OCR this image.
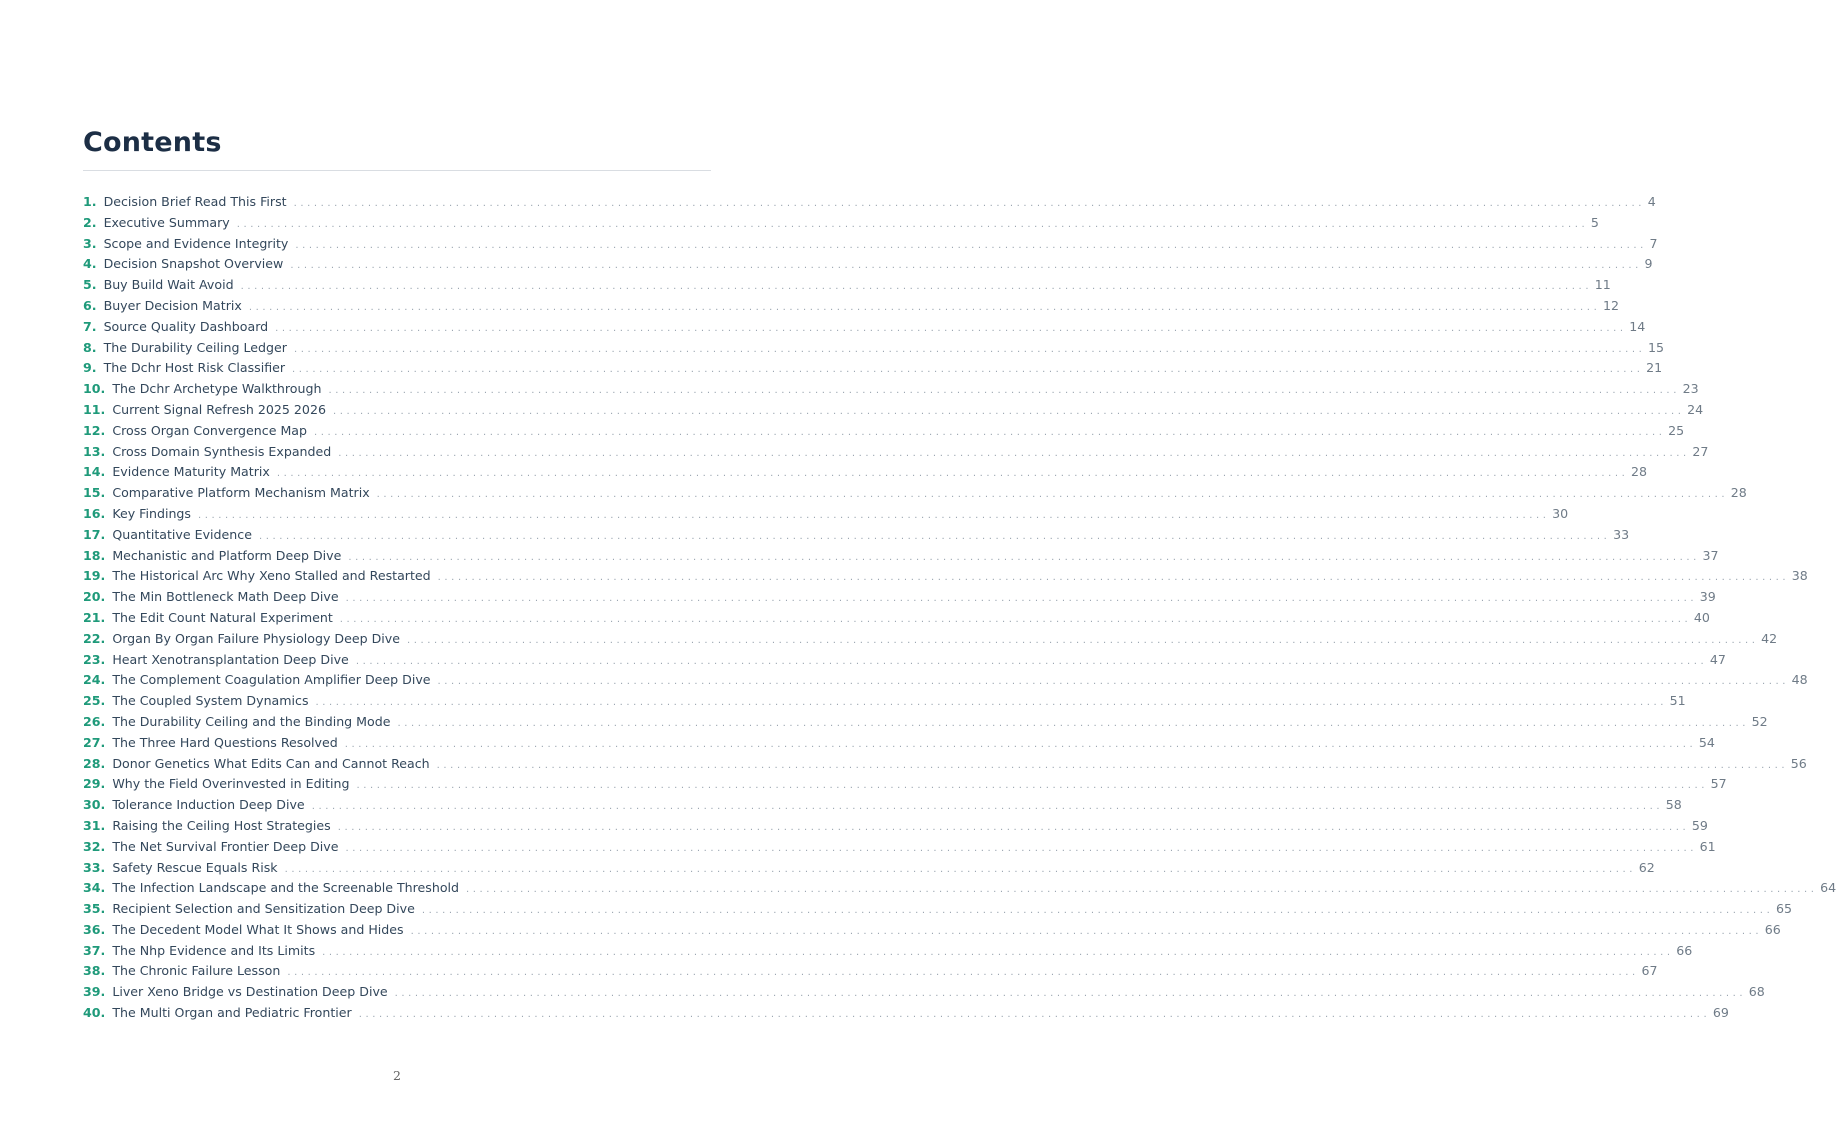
Contents
1. Decision Brief Read This First . . . . . . . . . . . . . . . . . . . . . . . . . . . . . . . . . . . . . . . . . . . . . . . . . . . . . . . . . . . . . . . . . . . . . . . . . . . . . . . . . . . . . . . . . . . . . . . . . . . . . . . . . . . . . . . . . . . . . . . . . . . . . . . . . . . . . . . . . . . . . . . . . . . . . . . . . . . . . . . . . . . . . . . . . . . . . . . . . . . . . . . . . . . . . . . . . . . . . . . . 4
2. Executive Summary . . . . . . . . . . . . . . . . . . . . . . . . . . . . . . . . . . . . . . . . . . . . . . . . . . . . . . . . . . . . . . . . . . . . . . . . . . . . . . . . . . . . . . . . . . . . . . . . . . . . . . . . . . . . . . . . . . . . . . . . . . . . . . . . . . . . . . . . . . . . . . . . . . . . . . . . . . . . . . . . . . . . . . . . . . . . . . . . . . . . . . . . . . . . . . . . . . . . . . . . 5
3. Scope and Evidence Integrity . . . . . . . . . . . . . . . . . . . . . . . . . . . . . . . . . . . . . . . . . . . . . . . . . . . . . . . . . . . . . . . . . . . . . . . . . . . . . . . . . . . . . . . . . . . . . . . . . . . . . . . . . . . . . . . . . . . . . . . . . . . . . . . . . . . . . . . . . . . . . . . . . . . . . . . . . . . . . . . . . . . . . . . . . . . . . . . . . . . . . . . . . . . . . . . . . . . . . . . . 7
4. Decision Snapshot Overview . . . . . . . . . . . . . . . . . . . . . . . . . . . . . . . . . . . . . . . . . . . . . . . . . . . . . . . . . . . . . . . . . . . . . . . . . . . . . . . . . . . . . . . . . . . . . . . . . . . . . . . . . . . . . . . . . . . . . . . . . . . . . . . . . . . . . . . . . . . . . . . . . . . . . . . . . . . . . . . . . . . . . . . . . . . . . . . . . . . . . . . . . . . . . . . . . . . . . . . . 9
5. Buy Build Wait Avoid . . . . . . . . . . . . . . . . . . . . . . . . . . . . . . . . . . . . . . . . . . . . . . . . . . . . . . . . . . . . . . . . . . . . . . . . . . . . . . . . . . . . . . . . . . . . . . . . . . . . . . . . . . . . . . . . . . . . . . . . . . . . . . . . . . . . . . . . . . . . . . . . . . . . . . . . . . . . . . . . . . . . . . . . . . . . . . . . . . . . . . . . . . . . . . . . . . . . . . . . 11
6. Buyer Decision Matrix . . . . . . . . . . . . . . . . . . . . . . . . . . . . . . . . . . . . . . . . . . . . . . . . . . . . . . . . . . . . . . . . . . . . . . . . . . . . . . . . . . . . . . . . . . . . . . . . . . . . . . . . . . . . . . . . . . . . . . . . . . . . . . . . . . . . . . . . . . . . . . . . . . . . . . . . . . . . . . . . . . . . . . . . . . . . . . . . . . . . . . . . . . . . . . . . . . . . . . . . 12
7. Source Quality Dashboard . . . . . . . . . . . . . . . . . . . . . . . . . . . . . . . . . . . . . . . . . . . . . . . . . . . . . . . . . . . . . . . . . . . . . . . . . . . . . . . . . . . . . . . . . . . . . . . . . . . . . . . . . . . . . . . . . . . . . . . . . . . . . . . . . . . . . . . . . . . . . . . . . . . . . . . . . . . . . . . . . . . . . . . . . . . . . . . . . . . . . . . . . . . . . . . . . . . . . . . . 14
8. The Durability Ceiling Ledger . . . . . . . . . . . . . . . . . . . . . . . . . . . . . . . . . . . . . . . . . . . . . . . . . . . . . . . . . . . . . . . . . . . . . . . . . . . . . . . . . . . . . . . . . . . . . . . . . . . . . . . . . . . . . . . . . . . . . . . . . . . . . . . . . . . . . . . . . . . . . . . . . . . . . . . . . . . . . . . . . . . . . . . . . . . . . . . . . . . . . . . . . . . . . . . . . . . . . . . . 15
9. The Dchr Host Risk Classifier . . . . . . . . . . . . . . . . . . . . . . . . . . . . . . . . . . . . . . . . . . . . . . . . . . . . . . . . . . . . . . . . . . . . . . . . . . . . . . . . . . . . . . . . . . . . . . . . . . . . . . . . . . . . . . . . . . . . . . . . . . . . . . . . . . . . . . . . . . . . . . . . . . . . . . . . . . . . . . . . . . . . . . . . . . . . . . . . . . . . . . . . . . . . . . . . . . . . . . . . 21
10. The Dchr Archetype Walkthrough . . . . . . . . . . . . . . . . . . . . . . . . . . . . . . . . . . . . . . . . . . . . . . . . . . . . . . . . . . . . . . . . . . . . . . . . . . . . . . . . . . . . . . . . . . . . . . . . . . . . . . . . . . . . . . . . . . . . . . . . . . . . . . . . . . . . . . . . . . . . . . . . . . . . . . . . . . . . . . . . . . . . . . . . . . . . . . . . . . . . . . . . . . . . . . . . . . . . . . . . 23
11. Current Signal Refresh 2025 2026 . . . . . . . . . . . . . . . . . . . . . . . . . . . . . . . . . . . . . . . . . . . . . . . . . . . . . . . . . . . . . . . . . . . . . . . . . . . . . . . . . . . . . . . . . . . . . . . . . . . . . . . . . . . . . . . . . . . . . . . . . . . . . . . . . . . . . . . . . . . . . . . . . . . . . . . . . . . . . . . . . . . . . . . . . . . . . . . . . . . . . . . . . . . . . . . . . . . . . . . . 24
12. Cross Organ Convergence Map . . . . . . . . . . . . . . . . . . . . . . . . . . . . . . . . . . . . . . . . . . . . . . . . . . . . . . . . . . . . . . . . . . . . . . . . . . . . . . . . . . . . . . . . . . . . . . . . . . . . . . . . . . . . . . . . . . . . . . . . . . . . . . . . . . . . . . . . . . . . . . . . . . . . . . . . . . . . . . . . . . . . . . . . . . . . . . . . . . . . . . . . . . . . . . . . . . . . . . . . 25
13. Cross Domain Synthesis Expanded . . . . . . . . . . . . . . . . . . . . . . . . . . . . . . . . . . . . . . . . . . . . . . . . . . . . . . . . . . . . . . . . . . . . . . . . . . . . . . . . . . . . . . . . . . . . . . . . . . . . . . . . . . . . . . . . . . . . . . . . . . . . . . . . . . . . . . . . . . . . . . . . . . . . . . . . . . . . . . . . . . . . . . . . . . . . . . . . . . . . . . . . . . . . . . . . . . . . . . . . 27
14. Evidence Maturity Matrix . . . . . . . . . . . . . . . . . . . . . . . . . . . . . . . . . . . . . . . . . . . . . . . . . . . . . . . . . . . . . . . . . . . . . . . . . . . . . . . . . . . . . . . . . . . . . . . . . . . . . . . . . . . . . . . . . . . . . . . . . . . . . . . . . . . . . . . . . . . . . . . . . . . . . . . . . . . . . . . . . . . . . . . . . . . . . . . . . . . . . . . . . . . . . . . . . . . . . . . . 28
15. Comparative Platform Mechanism Matrix . . . . . . . . . . . . . . . . . . . . . . . . . . . . . . . . . . . . . . . . . . . . . . . . . . . . . . . . . . . . . . . . . . . . . . . . . . . . . . . . . . . . . . . . . . . . . . . . . . . . . . . . . . . . . . . . . . . . . . . . . . . . . . . . . . . . . . . . . . . . . . . . . . . . . . . . . . . . . . . . . . . . . . . . . . . . . . . . . . . . . . . . . . . . . . . . . . . . . . . . 28
16. Key Findings . . . . . . . . . . . . . . . . . . . . . . . . . . . . . . . . . . . . . . . . . . . . . . . . . . . . . . . . . . . . . . . . . . . . . . . . . . . . . . . . . . . . . . . . . . . . . . . . . . . . . . . . . . . . . . . . . . . . . . . . . . . . . . . . . . . . . . . . . . . . . . . . . . . . . . . . . . . . . . . . . . . . . . . . . . . . . . . . . . . . . . . . . . . . . . . . . . . . . . . . 30
17. Quantitative Evidence . . . . . . . . . . . . . . . . . . . . . . . . . . . . . . . . . . . . . . . . . . . . . . . . . . . . . . . . . . . . . . . . . . . . . . . . . . . . . . . . . . . . . . . . . . . . . . . . . . . . . . . . . . . . . . . . . . . . . . . . . . . . . . . . . . . . . . . . . . . . . . . . . . . . . . . . . . . . . . . . . . . . . . . . . . . . . . . . . . . . . . . . . . . . . . . . . . . . . . . . 33
18. Mechanistic and Platform Deep Dive . . . . . . . . . . . . . . . . . . . . . . . . . . . . . . . . . . . . . . . . . . . . . . . . . . . . . . . . . . . . . . . . . . . . . . . . . . . . . . . . . . . . . . . . . . . . . . . . . . . . . . . . . . . . . . . . . . . . . . . . . . . . . . . . . . . . . . . . . . . . . . . . . . . . . . . . . . . . . . . . . . . . . . . . . . . . . . . . . . . . . . . . . . . . . . . . . . . . . . . . 37
19. The Historical Arc Why Xeno Stalled and Restarted . . . . . . . . . . . . . . . . . . . . . . . . . . . . . . . . . . . . . . . . . . . . . . . . . . . . . . . . . . . . . . . . . . . . . . . . . . . . . . . . . . . . . . . . . . . . . . . . . . . . . . . . . . . . . . . . . . . . . . . . . . . . . . . . . . . . . . . . . . . . . . . . . . . . . . . . . . . . . . . . . . . . . . . . . . . . . . . . . . . . . . . . . . . . . . . . . . . . . . . . 38
20. The Min Bottleneck Math Deep Dive . . . . . . . . . . . . . . . . . . . . . . . . . . . . . . . . . . . . . . . . . . . . . . . . . . . . . . . . . . . . . . . . . . . . . . . . . . . . . . . . . . . . . . . . . . . . . . . . . . . . . . . . . . . . . . . . . . . . . . . . . . . . . . . . . . . . . . . . . . . . . . . . . . . . . . . . . . . . . . . . . . . . . . . . . . . . . . . . . . . . . . . . . . . . . . . . . . . . . . . . 39
21. The Edit Count Natural Experiment . . . . . . . . . . . . . . . . . . . . . . . . . . . . . . . . . . . . . . . . . . . . . . . . . . . . . . . . . . . . . . . . . . . . . . . . . . . . . . . . . . . . . . . . . . . . . . . . . . . . . . . . . . . . . . . . . . . . . . . . . . . . . . . . . . . . . . . . . . . . . . . . . . . . . . . . . . . . . . . . . . . . . . . . . . . . . . . . . . . . . . . . . . . . . . . . . . . . . . . . 40
22. Organ By Organ Failure Physiology Deep Dive . . . . . . . . . . . . . . . . . . . . . . . . . . . . . . . . . . . . . . . . . . . . . . . . . . . . . . . . . . . . . . . . . . . . . . . . . . . . . . . . . . . . . . . . . . . . . . . . . . . . . . . . . . . . . . . . . . . . . . . . . . . . . . . . . . . . . . . . . . . . . . . . . . . . . . . . . . . . . . . . . . . . . . . . . . . . . . . . . . . . . . . . . . . . . . . . . . . . . . . . 42
23. Heart Xenotransplantation Deep Dive . . . . . . . . . . . . . . . . . . . . . . . . . . . . . . . . . . . . . . . . . . . . . . . . . . . . . . . . . . . . . . . . . . . . . . . . . . . . . . . . . . . . . . . . . . . . . . . . . . . . . . . . . . . . . . . . . . . . . . . . . . . . . . . . . . . . . . . . . . . . . . . . . . . . . . . . . . . . . . . . . . . . . . . . . . . . . . . . . . . . . . . . . . . . . . . . . . . . . . . . 47
24. The Complement Coagulation Amplifier Deep Dive . . . . . . . . . . . . . . . . . . . . . . . . . . . . . . . . . . . . . . . . . . . . . . . . . . . . . . . . . . . . . . . . . . . . . . . . . . . . . . . . . . . . . . . . . . . . . . . . . . . . . . . . . . . . . . . . . . . . . . . . . . . . . . . . . . . . . . . . . . . . . . . . . . . . . . . . . . . . . . . . . . . . . . . . . . . . . . . . . . . . . . . . . . . . . . . . . . . . . . . . 48
25. The Coupled System Dynamics . . . . . . . . . . . . . . . . . . . . . . . . . . . . . . . . . . . . . . . . . . . . . . . . . . . . . . . . . . . . . . . . . . . . . . . . . . . . . . . . . . . . . . . . . . . . . . . . . . . . . . . . . . . . . . . . . . . . . . . . . . . . . . . . . . . . . . . . . . . . . . . . . . . . . . . . . . . . . . . . . . . . . . . . . . . . . . . . . . . . . . . . . . . . . . . . . . . . . . . . 51
26. The Durability Ceiling and the Binding Mode . . . . . . . . . . . . . . . . . . . . . . . . . . . . . . . . . . . . . . . . . . . . . . . . . . . . . . . . . . . . . . . . . . . . . . . . . . . . . . . . . . . . . . . . . . . . . . . . . . . . . . . . . . . . . . . . . . . . . . . . . . . . . . . . . . . . . . . . . . . . . . . . . . . . . . . . . . . . . . . . . . . . . . . . . . . . . . . . . . . . . . . . . . . . . . . . . . . . . . . . 52
27. The Three Hard Questions Resolved . . . . . . . . . . . . . . . . . . . . . . . . . . . . . . . . . . . . . . . . . . . . . . . . . . . . . . . . . . . . . . . . . . . . . . . . . . . . . . . . . . . . . . . . . . . . . . . . . . . . . . . . . . . . . . . . . . . . . . . . . . . . . . . . . . . . . . . . . . . . . . . . . . . . . . . . . . . . . . . . . . . . . . . . . . . . . . . . . . . . . . . . . . . . . . . . . . . . . . . . 54
28. Donor Genetics What Edits Can and Cannot Reach . . . . . . . . . . . . . . . . . . . . . . . . . . . . . . . . . . . . . . . . . . . . . . . . . . . . . . . . . . . . . . . . . . . . . . . . . . . . . . . . . . . . . . . . . . . . . . . . . . . . . . . . . . . . . . . . . . . . . . . . . . . . . . . . . . . . . . . . . . . . . . . . . . . . . . . . . . . . . . . . . . . . . . . . . . . . . . . . . . . . . . . . . . . . . . . . . . . . . . . . 56
29. Why the Field Overinvested in Editing . . . . . . . . . . . . . . . . . . . . . . . . . . . . . . . . . . . . . . . . . . . . . . . . . . . . . . . . . . . . . . . . . . . . . . . . . . . . . . . . . . . . . . . . . . . . . . . . . . . . . . . . . . . . . . . . . . . . . . . . . . . . . . . . . . . . . . . . . . . . . . . . . . . . . . . . . . . . . . . . . . . . . . . . . . . . . . . . . . . . . . . . . . . . . . . . . . . . . . . . 57
30. Tolerance Induction Deep Dive . . . . . . . . . . . . . . . . . . . . . . . . . . . . . . . . . . . . . . . . . . . . . . . . . . . . . . . . . . . . . . . . . . . . . . . . . . . . . . . . . . . . . . . . . . . . . . . . . . . . . . . . . . . . . . . . . . . . . . . . . . . . . . . . . . . . . . . . . . . . . . . . . . . . . . . . . . . . . . . . . . . . . . . . . . . . . . . . . . . . . . . . . . . . . . . . . . . . . . . . 58
31. Raising the Ceiling Host Strategies . . . . . . . . . . . . . . . . . . . . . . . . . . . . . . . . . . . . . . . . . . . . . . . . . . . . . . . . . . . . . . . . . . . . . . . . . . . . . . . . . . . . . . . . . . . . . . . . . . . . . . . . . . . . . . . . . . . . . . . . . . . . . . . . . . . . . . . . . . . . . . . . . . . . . . . . . . . . . . . . . . . . . . . . . . . . . . . . . . . . . . . . . . . . . . . . . . . . . . . . 59
32. The Net Survival Frontier Deep Dive . . . . . . . . . . . . . . . . . . . . . . . . . . . . . . . . . . . . . . . . . . . . . . . . . . . . . . . . . . . . . . . . . . . . . . . . . . . . . . . . . . . . . . . . . . . . . . . . . . . . . . . . . . . . . . . . . . . . . . . . . . . . . . . . . . . . . . . . . . . . . . . . . . . . . . . . . . . . . . . . . . . . . . . . . . . . . . . . . . . . . . . . . . . . . . . . . . . . . . . . 61
33. Safety Rescue Equals Risk . . . . . . . . . . . . . . . . . . . . . . . . . . . . . . . . . . . . . . . . . . . . . . . . . . . . . . . . . . . . . . . . . . . . . . . . . . . . . . . . . . . . . . . . . . . . . . . . . . . . . . . . . . . . . . . . . . . . . . . . . . . . . . . . . . . . . . . . . . . . . . . . . . . . . . . . . . . . . . . . . . . . . . . . . . . . . . . . . . . . . . . . . . . . . . . . . . . . . . . . 62
34. The Infection Landscape and the Screenable Threshold . . . . . . . . . . . . . . . . . . . . . . . . . . . . . . . . . . . . . . . . . . . . . . . . . . . . . . . . . . . . . . . . . . . . . . . . . . . . . . . . . . . . . . . . . . . . . . . . . . . . . . . . . . . . . . . . . . . . . . . . . . . . . . . . . . . . . . . . . . . . . . . . . . . . . . . . . . . . . . . . . . . . . . . . . . . . . . . . . . . . . . . . . . . . . . . . . . . . . . . . 64
35. Recipient Selection and Sensitization Deep Dive . . . . . . . . . . . . . . . . . . . . . . . . . . . . . . . . . . . . . . . . . . . . . . . . . . . . . . . . . . . . . . . . . . . . . . . . . . . . . . . . . . . . . . . . . . . . . . . . . . . . . . . . . . . . . . . . . . . . . . . . . . . . . . . . . . . . . . . . . . . . . . . . . . . . . . . . . . . . . . . . . . . . . . . . . . . . . . . . . . . . . . . . . . . . . . . . . . . . . . . . 65
36. The Decedent Model What It Shows and Hides . . . . . . . . . . . . . . . . . . . . . . . . . . . . . . . . . . . . . . . . . . . . . . . . . . . . . . . . . . . . . . . . . . . . . . . . . . . . . . . . . . . . . . . . . . . . . . . . . . . . . . . . . . . . . . . . . . . . . . . . . . . . . . . . . . . . . . . . . . . . . . . . . . . . . . . . . . . . . . . . . . . . . . . . . . . . . . . . . . . . . . . . . . . . . . . . . . . . . . . . 66
37. The Nhp Evidence and Its Limits . . . . . . . . . . . . . . . . . . . . . . . . . . . . . . . . . . . . . . . . . . . . . . . . . . . . . . . . . . . . . . . . . . . . . . . . . . . . . . . . . . . . . . . . . . . . . . . . . . . . . . . . . . . . . . . . . . . . . . . . . . . . . . . . . . . . . . . . . . . . . . . . . . . . . . . . . . . . . . . . . . . . . . . . . . . . . . . . . . . . . . . . . . . . . . . . . . . . . . . . 66
38. The Chronic Failure Lesson . . . . . . . . . . . . . . . . . . . . . . . . . . . . . . . . . . . . . . . . . . . . . . . . . . . . . . . . . . . . . . . . . . . . . . . . . . . . . . . . . . . . . . . . . . . . . . . . . . . . . . . . . . . . . . . . . . . . . . . . . . . . . . . . . . . . . . . . . . . . . . . . . . . . . . . . . . . . . . . . . . . . . . . . . . . . . . . . . . . . . . . . . . . . . . . . . . . . . . . . 67
39. Liver Xeno Bridge vs Destination Deep Dive . . . . . . . . . . . . . . . . . . . . . . . . . . . . . . . . . . . . . . . . . . . . . . . . . . . . . . . . . . . . . . . . . . . . . . . . . . . . . . . . . . . . . . . . . . . . . . . . . . . . . . . . . . . . . . . . . . . . . . . . . . . . . . . . . . . . . . . . . . . . . . . . . . . . . . . . . . . . . . . . . . . . . . . . . . . . . . . . . . . . . . . . . . . . . . . . . . . . . . . . 68
40. The Multi Organ and Pediatric Frontier . . . . . . . . . . . . . . . . . . . . . . . . . . . . . . . . . . . . . . . . . . . . . . . . . . . . . . . . . . . . . . . . . . . . . . . . . . . . . . . . . . . . . . . . . . . . . . . . . . . . . . . . . . . . . . . . . . . . . . . . . . . . . . . . . . . . . . . . . . . . . . . . . . . . . . . . . . . . . . . . . . . . . . . . . . . . . . . . . . . . . . . . . . . . . . . . . . . . . . . . 69
2
